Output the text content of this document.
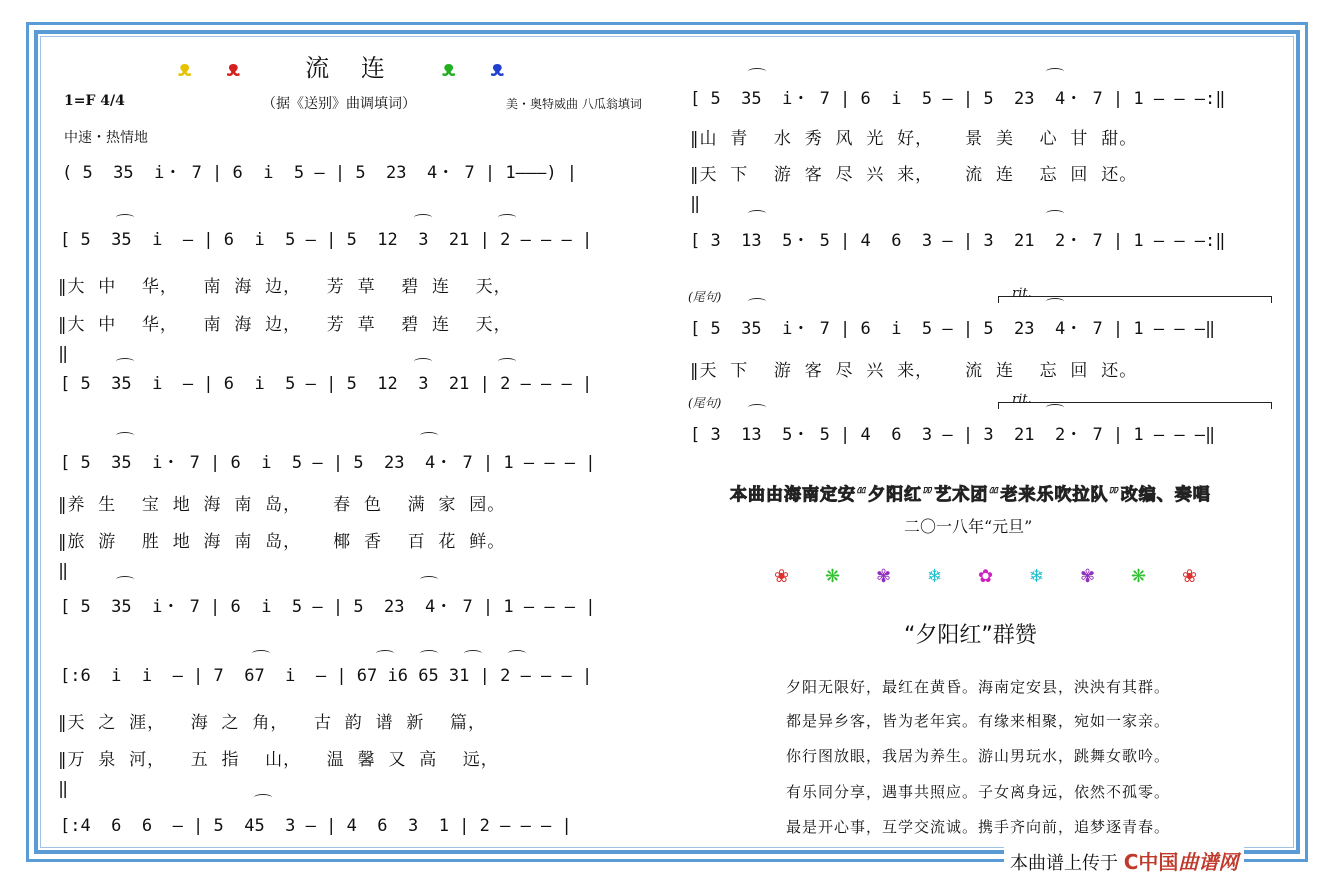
ᴥ ᴥ	流 连 ᴥ ᴥ
1=F 4/4	（据《送别》曲调填词）	美・奥特威曲 八瓜翁填词
中速・热情地
( 5  35  i・ 7 | 6  i  5 — | 5  23  4・ 7 | 1———) |
[ 5  35  i  — | 6  i  5 — | 5  12  3  21 | 2 — — — |
‖大  中    华，    南  海  边，    芳  草    碧  连    天，
‖大  中    华，    南  海  边，    芳  草    碧  连    天，
‖
[ 5  35  i  — | 6  i  5 — | 5  12  3  21 | 2 — — — |
[ 5  35  i・ 7 | 6  i  5 — | 5  23  4・ 7 | 1 — — — |
‖养  生    宝  地  海  南  岛，     春  色    满  家  园。
‖旅  游    胜  地  海  南  岛，     椰  香    百  花  鲜。
‖
[ 5  35  i・ 7 | 6  i  5 — | 5  23  4・ 7 | 1 — — — |
[:6  i  i  — | 7  67  i  — | 67 i6 65 31 | 2 — — — |
‖天  之  涯，    海  之  角，    古  韵  谱  新    篇，
‖万  泉  河，    五  指    山，    温  馨  又  高    远，
‖
[:4  6  6  — | 5  45  3 — | 4  6  3  1 | 2 — — — |
[ 5  35  i・ 7 | 6  i  5 — | 5  23  4・ 7 | 1 — — —:‖
‖山  青    水  秀  风  光  好，     景  美    心  甘  甜。
‖天  下    游  客  尽  兴  来，     流  连    忘  回  还。
‖
[ 3  13  5・ 5 | 4  6  3 — | 3  21  2・ 7 | 1 — — —:‖
(尾句)	rit.
[ 5  35  i・ 7 | 6  i  5 — | 5  23  4・ 7 | 1 — — —‖
‖天  下    游  客  尽  兴  来，     流  连    忘  回  还。
(尾句)	rit.
[ 3  13  5・ 5 | 4  6  3 — | 3  21  2・ 7 | 1 — — —‖
本曲由海南定安“夕阳红”艺术团“老来乐吹拉队”改编、奏唱
二〇一八年“元旦”
❀ ❋ ✾ ❄ ✿ ❄ ✾ ❋ ❀
“夕阳红”群赞
夕阳无限好，最红在黄昏。海南定安县，泱泱有其群。
都是异乡客，皆为老年宾。有缘来相聚，宛如一家亲。
你行图放眼，我居为养生。游山男玩水，跳舞女歌吟。
有乐同分享，遇事共照应。子女离身远，依然不孤零。
最是开心事，互学交流诚。携手齐向前，追梦逐青春。
本曲谱上传于 C中国曲谱网
